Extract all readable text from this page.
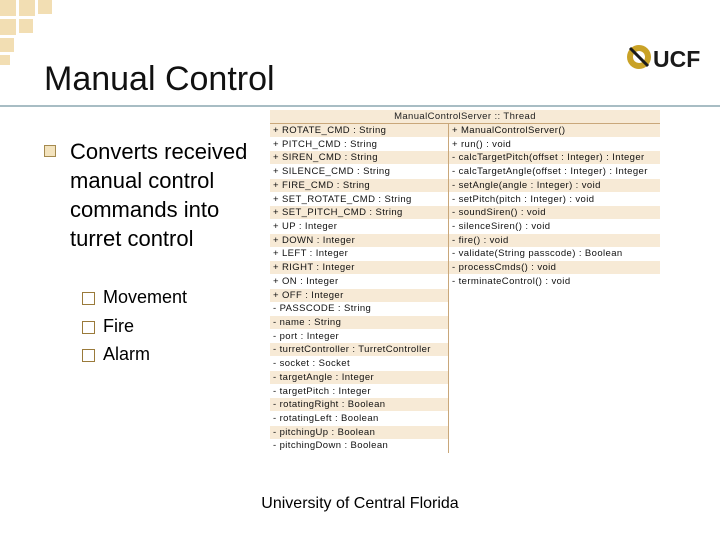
Manual Control
UCF
Converts received manual control commands into turret control
Movement
Fire
Alarm
ManualControlServer :: Thread
+ ROTATE_CMD : String
+ PITCH_CMD : String
+ SIREN_CMD : String
+ SILENCE_CMD : String
+ FIRE_CMD : String
+ SET_ROTATE_CMD : String
+ SET_PITCH_CMD : String
+ UP : Integer
+ DOWN : Integer
+ LEFT : Integer
+ RIGHT : Integer
+ ON : Integer
+ OFF : Integer
- PASSCODE : String
- name : String
- port : Integer
- turretController : TurretController
- socket : Socket
- targetAngle : Integer
- targetPitch : Integer
- rotatingRight : Boolean
- rotatingLeft : Boolean
- pitchingUp : Boolean
- pitchingDown : Boolean
+ ManualControlServer()
+ run() : void
- calcTargetPitch(offset : Integer) : Integer
- calcTargetAngle(offset : Integer) : Integer
- setAngle(angle : Integer) : void
- setPitch(pitch : Integer) : void
- soundSiren() : void
- silenceSiren() : void
- fire() : void
- validate(String passcode) : Boolean
- processCmds() : void
- terminateControl() : void
University of Central Florida
